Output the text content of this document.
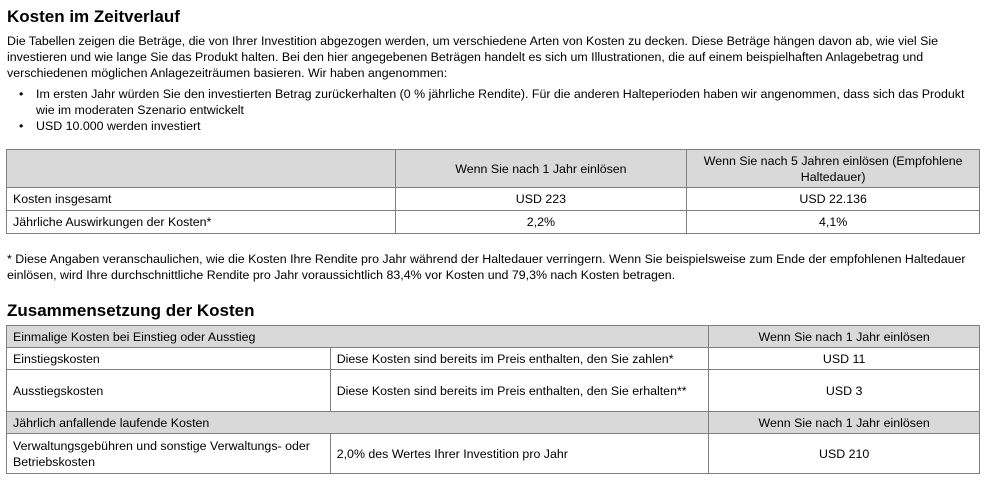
Kosten im Zeitverlauf
Die Tabellen zeigen die Beträge, die von Ihrer Investition abgezogen werden, um verschiedene Arten von Kosten zu decken. Diese Beträge hängen davon ab, wie viel Sie investieren und wie lange Sie das Produkt halten. Bei den hier angegebenen Beträgen handelt es sich um Illustrationen, die auf einem beispielhaften Anlagebetrag und verschiedenen möglichen Anlagezeiträumen basieren. Wir haben angenommen:
• Im ersten Jahr würden Sie den investierten Betrag zurückerhalten (0 % jährliche Rendite). Für die anderen Halteperioden haben wir angenommen, dass sich das Produkt wie im moderaten Szenario entwickelt
• USD 10.000 werden investiert
	Wenn Sie nach 1 Jahr einlösen	Wenn Sie nach 5 Jahren einlösen (Empfohlene Haltedauer)
Kosten insgesamt	USD 223	USD 22.136
Jährliche Auswirkungen der Kosten*	2,2%	4,1%
* Diese Angaben veranschaulichen, wie die Kosten Ihre Rendite pro Jahr während der Haltedauer verringern. Wenn Sie beispielsweise zum Ende der empfohlenen Haltedauer einlösen, wird Ihre durchschnittliche Rendite pro Jahr voraussichtlich 83,4% vor Kosten und 79,3% nach Kosten betragen.
Zusammensetzung der Kosten
Einmalige Kosten bei Einstieg oder Ausstieg		Wenn Sie nach 1 Jahr einlösen
Einstiegskosten	Diese Kosten sind bereits im Preis enthalten, den Sie zahlen*	USD 11
Ausstiegskosten	Diese Kosten sind bereits im Preis enthalten, den Sie erhalten**	USD 3
Jährlich anfallende laufende Kosten		Wenn Sie nach 1 Jahr einlösen
Verwaltungsgebühren und sonstige Verwaltungs- oder Betriebskosten	2,0% des Wertes Ihrer Investition pro Jahr	USD 210
